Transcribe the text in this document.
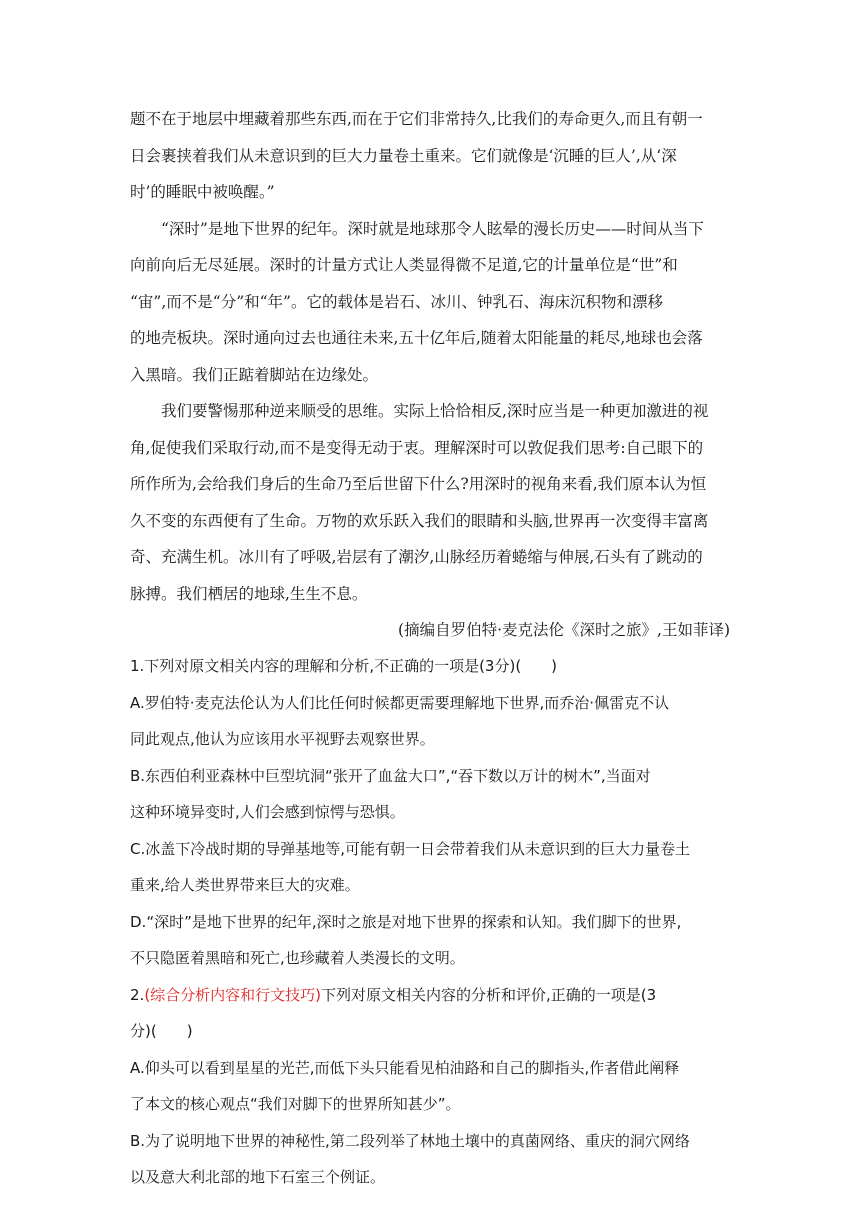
题不在于地层中埋藏着那些东西,而在于它们非常持久,比我们的寿命更久,而且有朝一
日会裹挟着我们从未意识到的巨大力量卷土重来。它们就像是‘沉睡的巨人’,从‘深
时’的睡眠中被唤醒。”
“深时”是地下世界的纪年。深时就是地球那令人眩晕的漫长历史——时间从当下
向前向后无尽延展。深时的计量方式让人类显得微不足道,它的计量单位是“世”和
“宙”,而不是“分”和“年”。它的载体是岩石、冰川、钟乳石、海床沉积物和漂移
的地壳板块。深时通向过去也通往未来,五十亿年后,随着太阳能量的耗尽,地球也会落
入黑暗。我们正踮着脚站在边缘处。
我们要警惕那种逆来顺受的思维。实际上恰恰相反,深时应当是一种更加激进的视
角,促使我们采取行动,而不是变得无动于衷。理解深时可以敦促我们思考:自己眼下的
所作所为,会给我们身后的生命乃至后世留下什么?用深时的视角来看,我们原本认为恒
久不变的东西便有了生命。万物的欢乐跃入我们的眼睛和头脑,世界再一次变得丰富离
奇、充满生机。冰川有了呼吸,岩层有了潮汐,山脉经历着蜷缩与伸展,石头有了跳动的
脉搏。我们栖居的地球,生生不息。
(摘编自罗伯特·麦克法伦《深时之旅》,王如菲译)
1.下列对原文相关内容的理解和分析,不正确的一项是(3分)(　　)
A.罗伯特·麦克法伦认为人们比任何时候都更需要理解地下世界,而乔治·佩雷克不认
同此观点,他认为应该用水平视野去观察世界。
B.东西伯利亚森林中巨型坑洞“张开了血盆大口”,“吞下数以万计的树木”,当面对
这种环境异变时,人们会感到惊愕与恐惧。
C.冰盖下冷战时期的导弹基地等,可能有朝一日会带着我们从未意识到的巨大力量卷土
重来,给人类世界带来巨大的灾难。
D.“深时”是地下世界的纪年,深时之旅是对地下世界的探索和认知。我们脚下的世界,
不只隐匿着黑暗和死亡,也珍藏着人类漫长的文明。
2.(综合分析内容和行文技巧)下列对原文相关内容的分析和评价,正确的一项是(3
分)(　　)
A.仰头可以看到星星的光芒,而低下头只能看见柏油路和自己的脚指头,作者借此阐释
了本文的核心观点“我们对脚下的世界所知甚少”。
B.为了说明地下世界的神秘性,第二段列举了林地土壤中的真菌网络、重庆的洞穴网络
以及意大利北部的地下石室三个例证。
